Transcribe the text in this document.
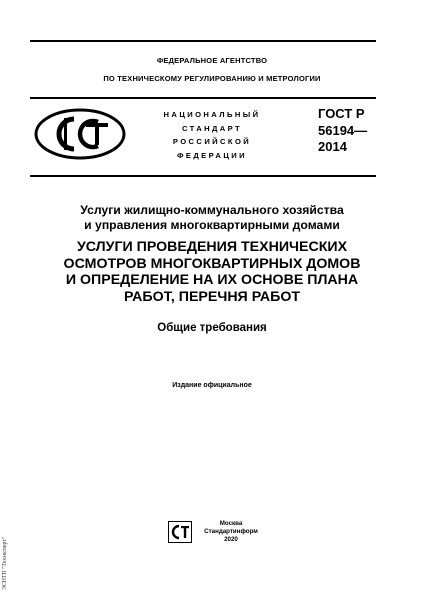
ФЕДЕРАЛЬНОЕ АГЕНТСТВО
ПО ТЕХНИЧЕСКОМУ РЕГУЛИРОВАНИЮ И МЕТРОЛОГИИ
НАЦИОНАЛЬНЫЙ
СТАНДАРТ
РОССИЙСКОЙ
ФЕДЕРАЦИИ
ГОСТ Р
56194—
2014
Услуги жилищно-коммунального хозяйства
и управления многоквартирными домами
УСЛУГИ ПРОВЕДЕНИЯ ТЕХНИЧЕСКИХ
ОСМОТРОВ МНОГОКВАРТИРНЫХ ДОМОВ
И ОПРЕДЕЛЕНИЕ НА ИХ ОСНОВЕ ПЛАНА
РАБОТ, ПЕРЕЧНЯ РАБОТ
Общие требования
Издание официальное
Москва
Стандартинформ
2020
ЭСНТП "Техэксперт"
